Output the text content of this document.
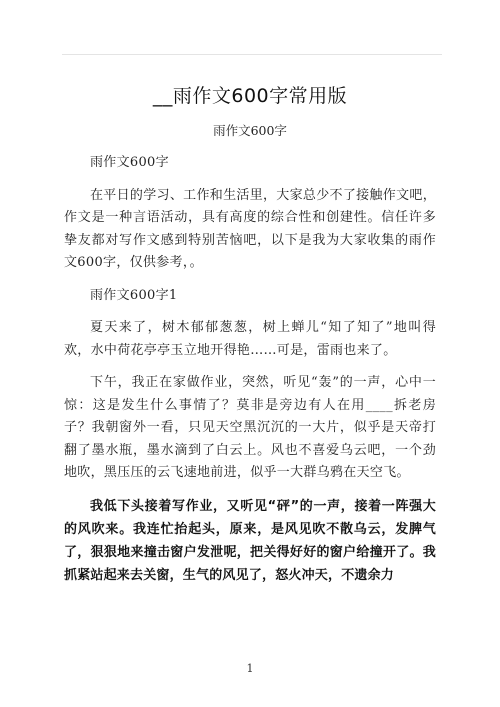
__雨作文600字常用版
雨作文600字

雨作文600字

在平日的学习、工作和生活里，大家总少不了接触作文吧，作文是一种言语活动，具有高度的综合性和创建性。信任许多挚友都对写作文感到特别苦恼吧，以下是我为大家收集的雨作文600字，仅供参考，。

雨作文600字1

夏天来了，树木郁郁葱葱，树上蝉儿“知了知了”地叫得欢，水中荷花亭亭玉立地开得艳……可是，雷雨也来了。

下午，我正在家做作业，突然，听见“轰”的一声，心中一惊：这是发生什么事情了？莫非是旁边有人在用____拆老房子？我朝窗外一看，只见天空黑沉沉的一大片，似乎是天帝打翻了墨水瓶，墨水滴到了白云上。风也不喜爱乌云吧，一个劲地吹，黑压压的云飞速地前进，似乎一大群乌鸦在天空飞。

我低下头接着写作业，又听见“砰”的一声，接着一阵强大的风吹来。我连忙抬起头，原来，是风见吹不散乌云，发脾气了，狠狠地来撞击窗户发泄呢，把关得好好的窗户给撞开了。我抓紧站起来去关窗，生气的风见了，怒火冲天，不遗余力

1
